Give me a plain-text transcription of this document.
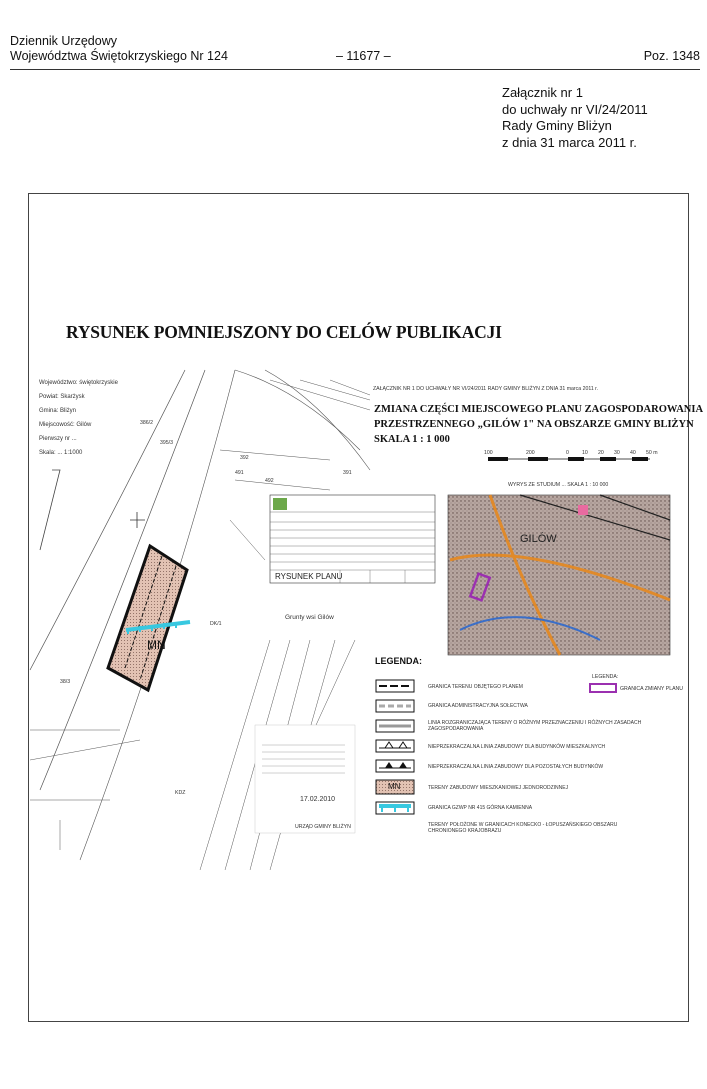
Dziennik Urzędowy
Województwa Świętokrzyskiego Nr 124	– 11677 –	Poz. 1348
Załącznik nr 1
do uchwały nr VI/24/2011
Rady Gminy Bliżyn
z dnia 31 marca 2011 r.
RYSUNEK POMNIEJSZONY DO CELÓW PUBLIKACJI
ZAŁĄCZNIK NR 1 DO UCHWAŁY NR VI/24/2011 RADY GMINY BLIŻYN Z DNIA 31 marca 2011 r.
ZMIANA CZĘŚCI MIEJSCOWEGO PLANU ZAGOSPODAROWANIA
PRZESTRZENNEGO „GILÓW 1" NA OBSZARZE GMINY BLIŻYN
SKALA 1 : 1 000
100	200	0	10 20 30 40 50 m
WYRYS ZE STUDIUM ... SKALA 1 : 10 000
GILÓW
Województwo: świętokrzyskie
Powiat: Skarżysk
Gmina: Bliżyn
Miejscowość: Gilów
Pierwszy nr ...
Skala: ... 1:1000
392
491
492
391
386/2
395/3
DK/1
38/3
KDZ
MN
Grunty wsi Gilów
RYSUNEK PLANU
LEGENDA:
LEGENDA:
GRANICA ZMIANY PLANU
GRANICA TERENU OBJĘTEGO PLANEM
GRANICA ADMINISTRACYJNA SOŁECTWA
LINIA ROZGRANICZAJĄCA TERENY O RÓŻNYM PRZEZNACZENIU I RÓŻNYCH ZASADACH ZAGOSPODAROWANIA
NIEPRZEKRACZALNA LINIA ZABUDOWY DLA BUDYNKÓW MIESZKALNYCH
NIEPRZEKRACZALNA LINIA ZABUDOWY DLA POZOSTAŁYCH BUDYNKÓW
TERENY ZABUDOWY MIESZKANIOWEJ JEDNORODZINNEJ
GRANICA GZWP NR 415 GÓRNA KAMIENNA
TERENY POŁOŻONE W GRANICACH KONECKO - ŁOPUSZAŃSKIEGO OBSZARU CHRONIONEGO KRAJOBRAZU
MN
17.02.2010
URZĄD GMINY BLIŻYN
